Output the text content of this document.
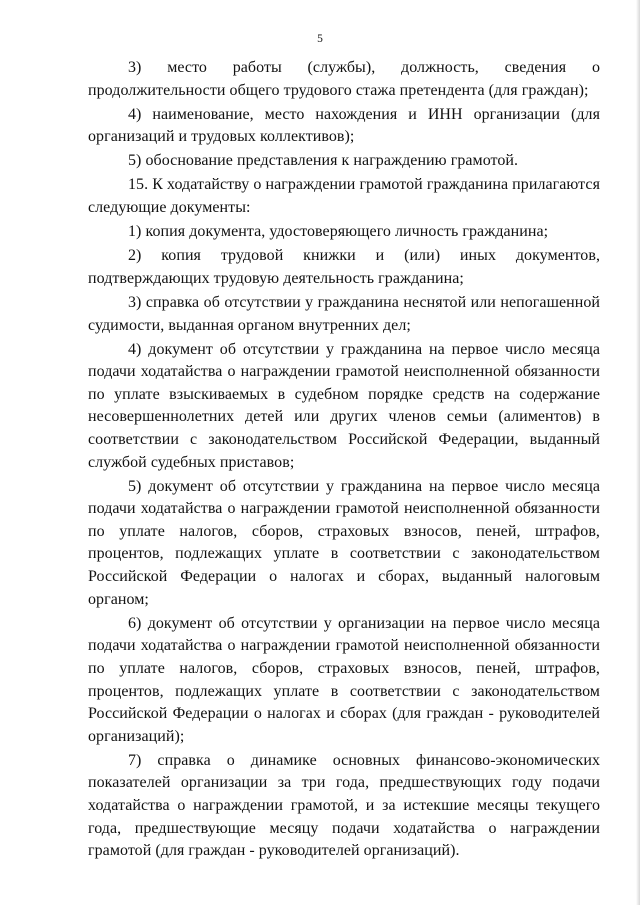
5

3) место работы (службы), должность, сведения о продолжительности общего трудового стажа претендента (для граждан);

4) наименование, место нахождения и ИНН организации (для организаций и трудовых коллективов);

5) обоснование представления к награждению грамотой.

15. К ходатайству о награждении грамотой гражданина прилагаются следующие документы:

1) копия документа, удостоверяющего личность гражданина;

2) копия трудовой книжки и (или) иных документов, подтверждающих трудовую деятельность гражданина;

3) справка об отсутствии у гражданина неснятой или непогашенной судимости, выданная органом внутренних дел;

4) документ об отсутствии у гражданина на первое число месяца подачи ходатайства о награждении грамотой неисполненной обязанности по уплате взыскиваемых в судебном порядке средств на содержание несовершеннолетних детей или других членов семьи (алиментов) в соответствии с законодательством Российской Федерации, выданный службой судебных приставов;

5) документ об отсутствии у гражданина на первое число месяца подачи ходатайства о награждении грамотой неисполненной обязанности по уплате налогов, сборов, страховых взносов, пеней, штрафов, процентов, подлежащих уплате в соответствии с законодательством Российской Федерации о налогах и сборах, выданный налоговым органом;

6) документ об отсутствии у организации на первое число месяца подачи ходатайства о награждении грамотой неисполненной обязанности по уплате налогов, сборов, страховых взносов, пеней, штрафов, процентов, подлежащих уплате в соответствии с законодательством Российской Федерации о налогах и сборах (для граждан - руководителей организаций);

7) справка о динамике основных финансово-экономических показателей организации за три года, предшествующих году подачи ходатайства о награждении грамотой, и за истекшие месяцы текущего года, предшествующие месяцу подачи ходатайства о награждении грамотой (для граждан - руководителей организаций).
